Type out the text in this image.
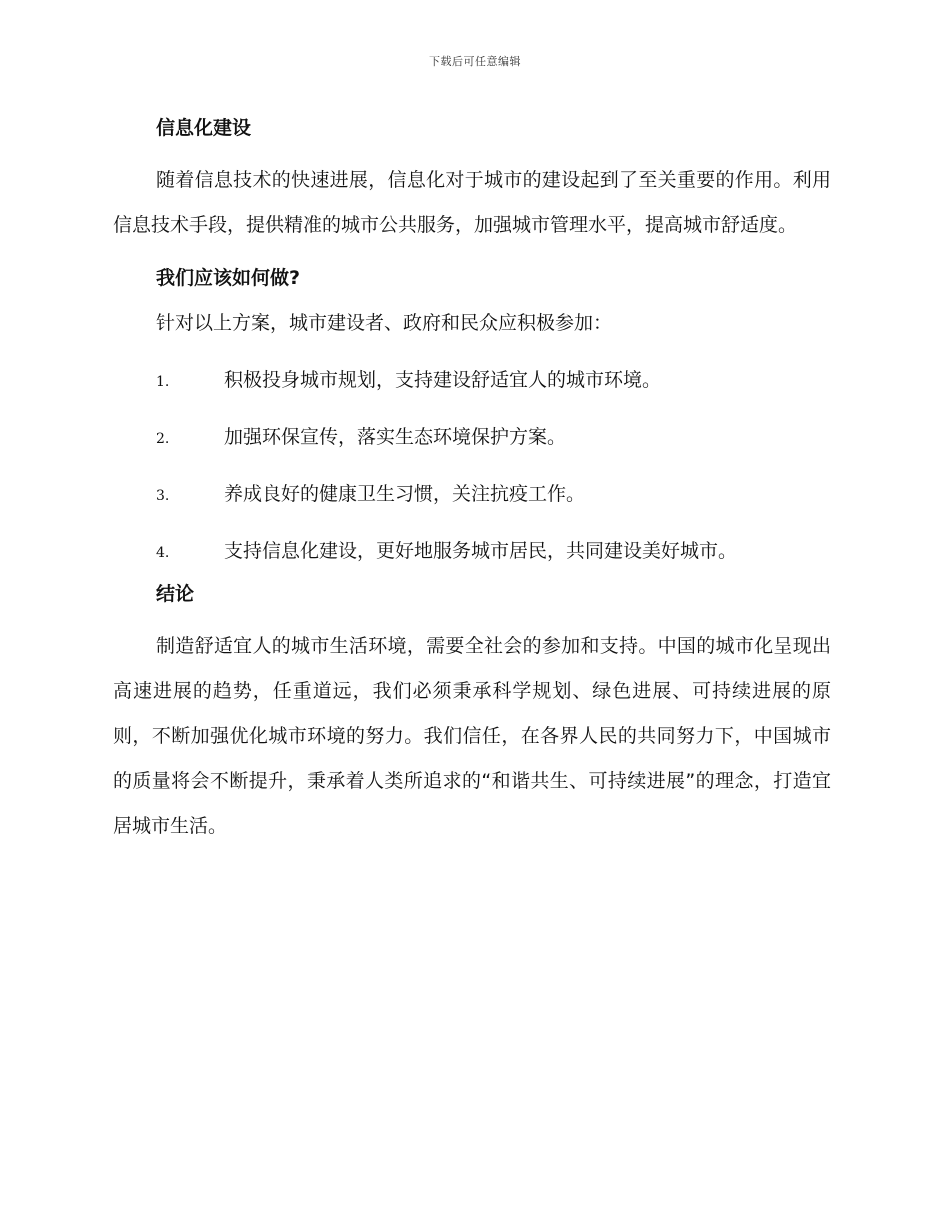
下载后可任意编辑
信息化建设

随着信息技术的快速进展，信息化对于城市的建设起到了至关重要的作用。利用信息技术手段，提供精准的城市公共服务，加强城市管理水平，提高城市舒适度。

我们应该如何做?

针对以上方案，城市建设者、政府和民众应积极参加：

1.	积极投身城市规划，支持建设舒适宜人的城市环境。
2.	加强环保宣传，落实生态环境保护方案。
3.	养成良好的健康卫生习惯，关注抗疫工作。
4.	支持信息化建设，更好地服务城市居民，共同建设美好城市。
结论

制造舒适宜人的城市生活环境，需要全社会的参加和支持。中国的城市化呈现出高速进展的趋势，任重道远，我们必须秉承科学规划、绿色进展、可持续进展的原则，不断加强优化城市环境的努力。我们信任，在各界人民的共同努力下，中国城市的质量将会不断提升，秉承着人类所追求的“和谐共生、可持续进展”的理念，打造宜居城市生活。
